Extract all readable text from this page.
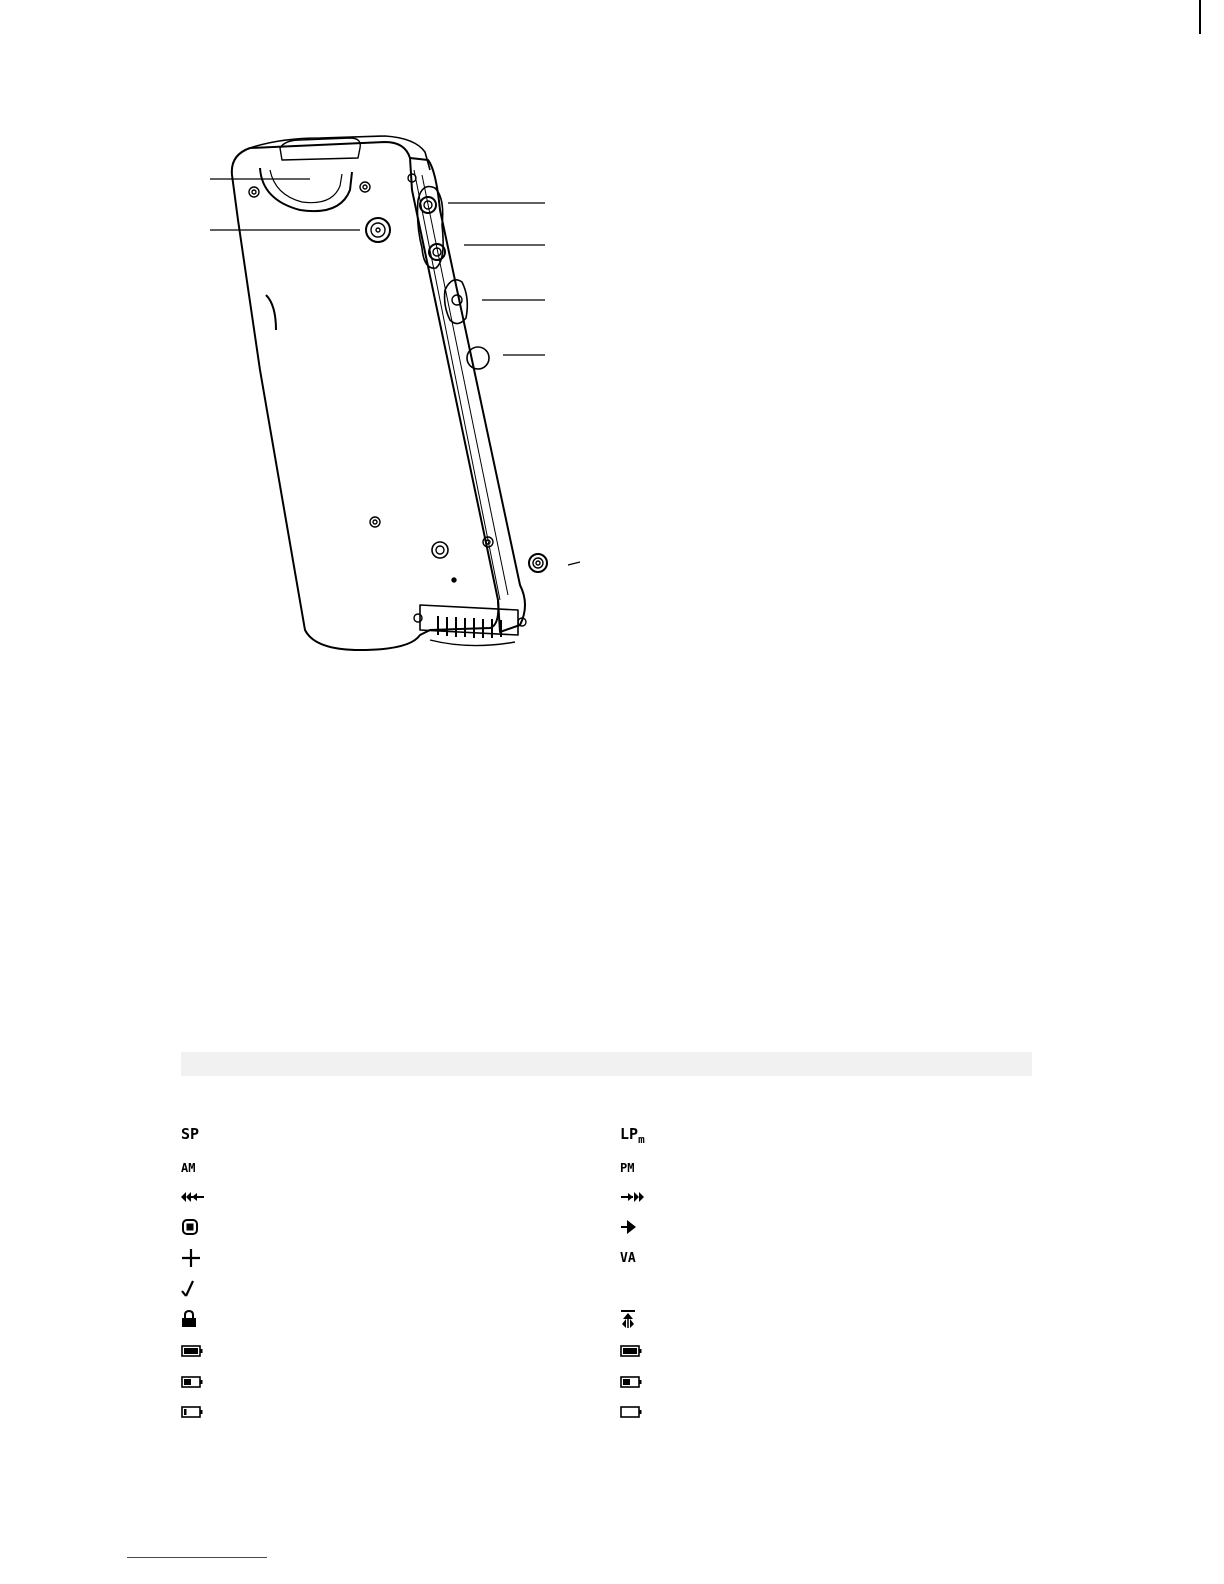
SP	LP m
AM	PM
VA
